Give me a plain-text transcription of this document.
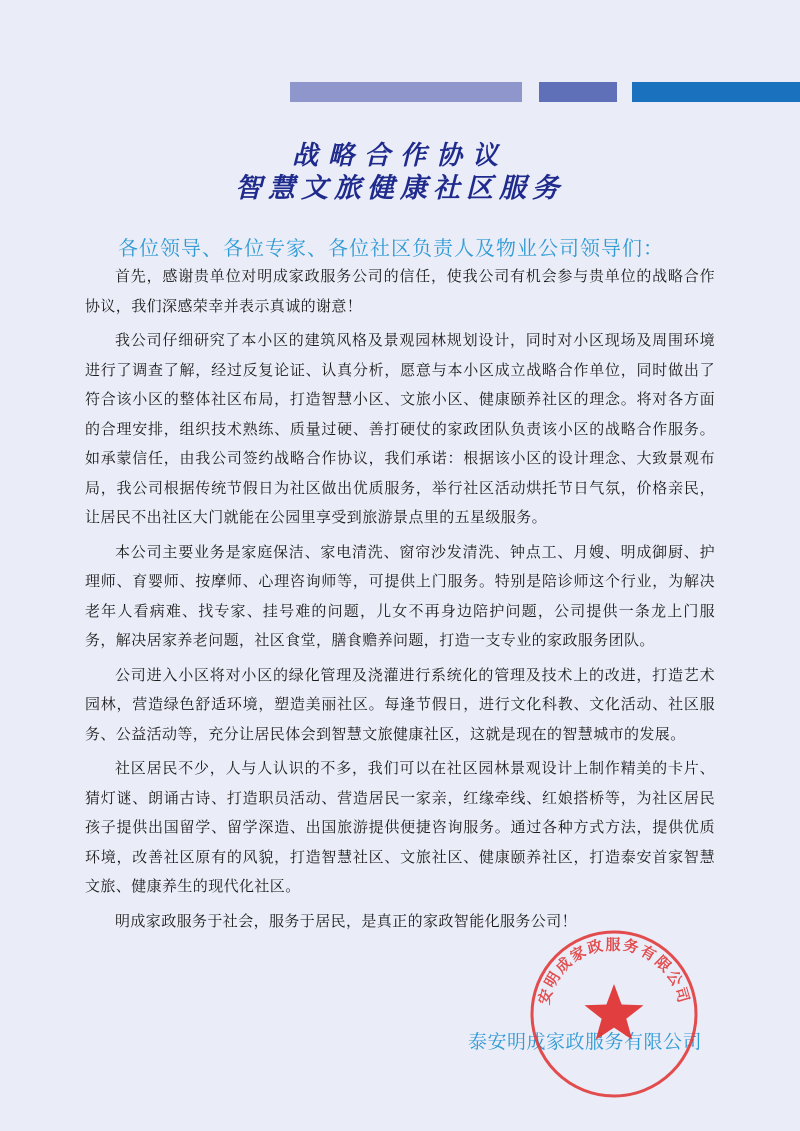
战略合作协议
智慧文旅健康社区服务

各位领导、各位专家、各位社区负责人及物业公司领导们：

首先，感谢贵单位对明成家政服务公司的信任，使我公司有机会参与贵单位的战略合作协议，我们深感荣幸并表示真诚的谢意！

我公司仔细研究了本小区的建筑风格及景观园林规划设计，同时对小区现场及周围环境进行了调查了解，经过反复论证、认真分析，愿意与本小区成立战略合作单位，同时做出了符合该小区的整体社区布局，打造智慧小区、文旅小区、健康颐养社区的理念。将对各方面的合理安排，组织技术熟练、质量过硬、善打硬仗的家政团队负责该小区的战略合作服务。如承蒙信任，由我公司签约战略合作协议，我们承诺：根据该小区的设计理念、大致景观布局，我公司根据传统节假日为社区做出优质服务，举行社区活动烘托节日气氛，价格亲民，让居民不出社区大门就能在公园里享受到旅游景点里的五星级服务。

本公司主要业务是家庭保洁、家电清洗、窗帘沙发清洗、钟点工、月嫂、明成御厨、护理师、育婴师、按摩师、心理咨询师等，可提供上门服务。特别是陪诊师这个行业，为解决老年人看病难、找专家、挂号难的问题，儿女不再身边陪护问题，公司提供一条龙上门服务，解决居家养老问题，社区食堂，膳食赡养问题，打造一支专业的家政服务团队。

公司进入小区将对小区的绿化管理及浇灌进行系统化的管理及技术上的改进，打造艺术园林，营造绿色舒适环境，塑造美丽社区。每逢节假日，进行文化科教、文化活动、社区服务、公益活动等，充分让居民体会到智慧文旅健康社区，这就是现在的智慧城市的发展。

社区居民不少，人与人认识的不多，我们可以在社区园林景观设计上制作精美的卡片、猜灯谜、朗诵古诗、打造职员活动、营造居民一家亲，红缘牵线、红娘搭桥等，为社区居民孩子提供出国留学、留学深造、出国旅游提供便捷咨询服务。通过各种方式方法，提供优质环境，改善社区原有的风貌，打造智慧社区、文旅社区、健康颐养社区，打造泰安首家智慧文旅、健康养生的现代化社区。

明成家政服务于社会，服务于居民，是真正的家政智能化服务公司！

泰安明成家政服务有限公司

安明成家政服务有限公司
